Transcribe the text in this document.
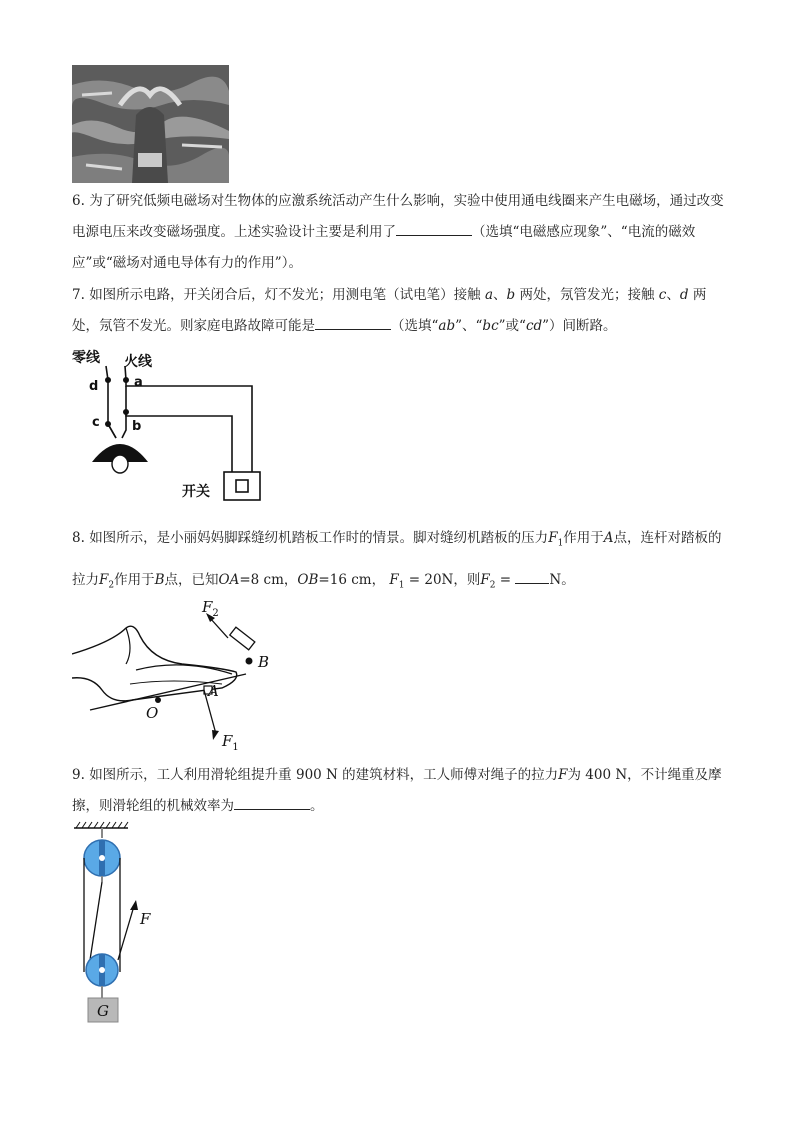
6. 为了研究低频电磁场对生物体的应激系统活动产生什么影响，实验中使用通电线圈来产生电磁场，通过改变电源电压来改变磁场强度。上述实验设计主要是利用了	（选填“电磁感应现象”、“电流的磁效应”或“磁场对通电导体有力的作用”）。
7. 如图所示电路，开关闭合后，灯不发光；用测电笔（试电笔）接触 a、b 两处，氖管发光；接触 c、d 两处，氖管不发光。则家庭电路故障可能是	（选填“ab”、“bc”或“cd”）间断路。
零线 火线
a
b
c
d
开关
8. 如图所示，是小丽妈妈脚踩缝纫机踏板工作时的情景。脚对缝纫机踏板的压力$F_1$作用于A点，连杆对踏板的拉力$F_2$作用于B点，已知OA=8 cm，OB=16 cm， $F_1 = 20N$，则$F_2$ =	N。
$F_2$
B
A
$F_1$
O
9. 如图所示，工人利用滑轮组提升重 900 N 的建筑材料，工人师傅对绳子的拉力F为 400 N，不计绳重及摩擦，则滑轮组的机械效率为	。
F
G
